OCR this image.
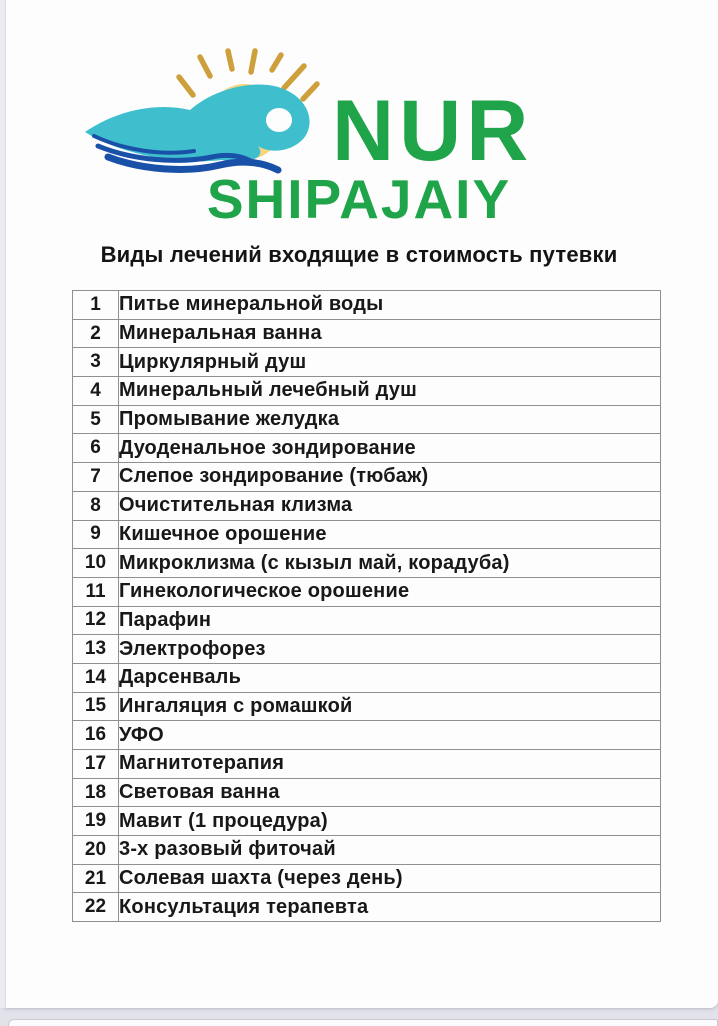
NUR
SHIPAJAIY
Виды лечений входящие в стоимость путевки
1	Питье минеральной воды
2	Минеральная ванна
3	Циркулярный душ
4	Минеральный лечебный душ
5	Промывание желудка
6	Дуоденальное зондирование
7	Слепое зондирование (тюбаж)
8	Очистительная клизма
9	Кишечное орошение
10	Микроклизма (с кызыл май, корадуба)
11	Гинекологическое орошение
12	Парафин
13	Электрофорез
14	Дарсенваль
15	Ингаляция с ромашкой
16	УФО
17	Магнитотерапия
18	Световая ванна
19	Мавит (1 процедура)
20	3-х разовый фиточай
21	Солевая шахта (через день)
22	Консультация терапевта
